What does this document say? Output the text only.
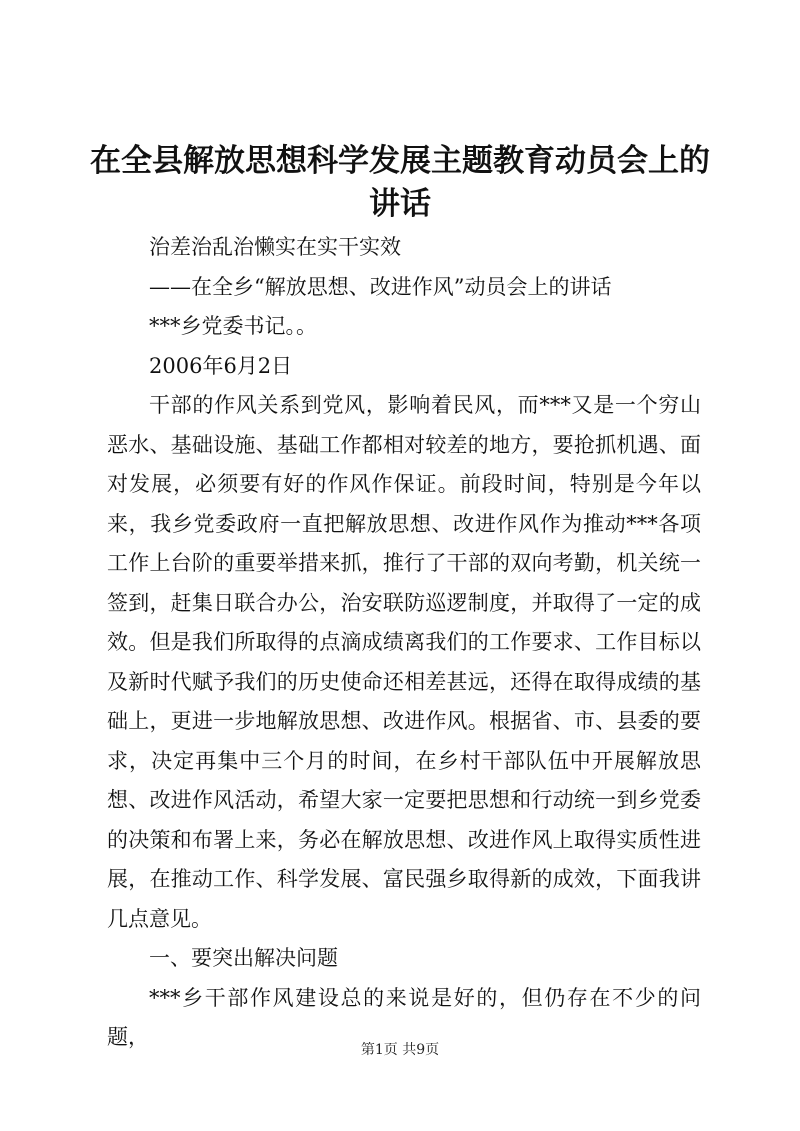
在全县解放思想科学发展主题教育动员会上的讲话

治差治乱治懒实在实干实效

——在全乡“解放思想、改进作风”动员会上的讲话

***乡党委书记。。

2006年6月2日

干部的作风关系到党风，影响着民风，而***又是一个穷山恶水、基础设施、基础工作都相对较差的地方，要抢抓机遇、面对发展，必须要有好的作风作保证。前段时间，特别是今年以来，我乡党委政府一直把解放思想、改进作风作为推动***各项工作上台阶的重要举措来抓，推行了干部的双向考勤，机关统一签到，赶集日联合办公，治安联防巡逻制度，并取得了一定的成效。但是我们所取得的点滴成绩离我们的工作要求、工作目标以及新时代赋予我们的历史使命还相差甚远，还得在取得成绩的基础上，更进一步地解放思想、改进作风。根据省、市、县委的要求，决定再集中三个月的时间，在乡村干部队伍中开展解放思想、改进作风活动，希望大家一定要把思想和行动统一到乡党委的决策和布署上来，务必在解放思想、改进作风上取得实质性进展，在推动工作、科学发展、富民强乡取得新的成效，下面我讲几点意见。

一、要突出解决问题

***乡干部作风建设总的来说是好的，但仍存在不少的问题，

第1页 共9页
